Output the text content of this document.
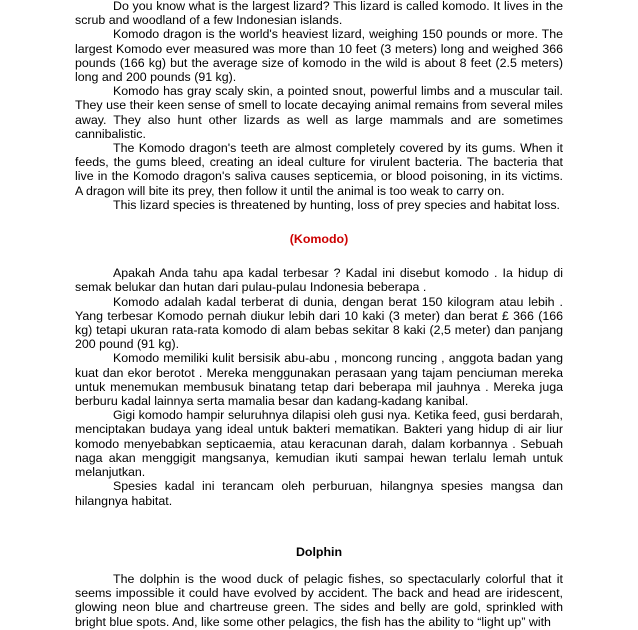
Do you know what is the largest lizard? This lizard is called komodo. It lives in the scrub and woodland of a few Indonesian islands.

Komodo dragon is the world's heaviest lizard, weighing 150 pounds or more. The largest Komodo ever measured was more than 10 feet (3 meters) long and weighed 366 pounds (166 kg) but the average size of komodo in the wild is about 8 feet (2.5 meters) long and 200 pounds (91 kg).

Komodo has gray scaly skin, a pointed snout, powerful limbs and a muscular tail. They use their keen sense of smell to locate decaying animal remains from several miles away. They also hunt other lizards as well as large mammals and are sometimes cannibalistic.

The Komodo dragon's teeth are almost completely covered by its gums. When it feeds, the gums bleed, creating an ideal culture for virulent bacteria. The bacteria that live in the Komodo dragon's saliva causes septicemia, or blood poisoning, in its victims. A dragon will bite its prey, then follow it until the animal is too weak to carry on.

This lizard species is threatened by hunting, loss of prey species and habitat loss.

(Komodo)

Apakah Anda tahu apa kadal terbesar ? Kadal ini disebut komodo . Ia hidup di semak belukar dan hutan dari pulau-pulau Indonesia beberapa .

Komodo adalah kadal terberat di dunia, dengan berat 150 kilogram atau lebih . Yang terbesar Komodo pernah diukur lebih dari 10 kaki (3 meter) dan berat £ 366 (166 kg) tetapi ukuran rata-rata komodo di alam bebas sekitar 8 kaki (2,5 meter) dan panjang 200 pound (91 kg).

Komodo memiliki kulit bersisik abu-abu , moncong runcing , anggota badan yang kuat dan ekor berotot . Mereka menggunakan perasaan yang tajam penciuman mereka untuk menemukan membusuk binatang tetap dari beberapa mil jauhnya . Mereka juga berburu kadal lainnya serta mamalia besar dan kadang-kadang kanibal.

Gigi komodo hampir seluruhnya dilapisi oleh gusi nya. Ketika feed, gusi berdarah, menciptakan budaya yang ideal untuk bakteri mematikan. Bakteri yang hidup di air liur komodo menyebabkan septicaemia, atau keracunan darah, dalam korbannya . Sebuah naga akan menggigit mangsanya, kemudian ikuti sampai hewan terlalu lemah untuk melanjutkan.

Spesies kadal ini terancam oleh perburuan, hilangnya spesies mangsa dan hilangnya habitat.

Dolphin

The dolphin is the wood duck of pelagic fishes, so spectacularly colorful that it seems impossible it could have evolved by accident. The back and head are iridescent, glowing neon blue and chartreuse green. The sides and belly are gold, sprinkled with bright blue spots. And, like some other pelagics, the fish has the ability to “light up” with
